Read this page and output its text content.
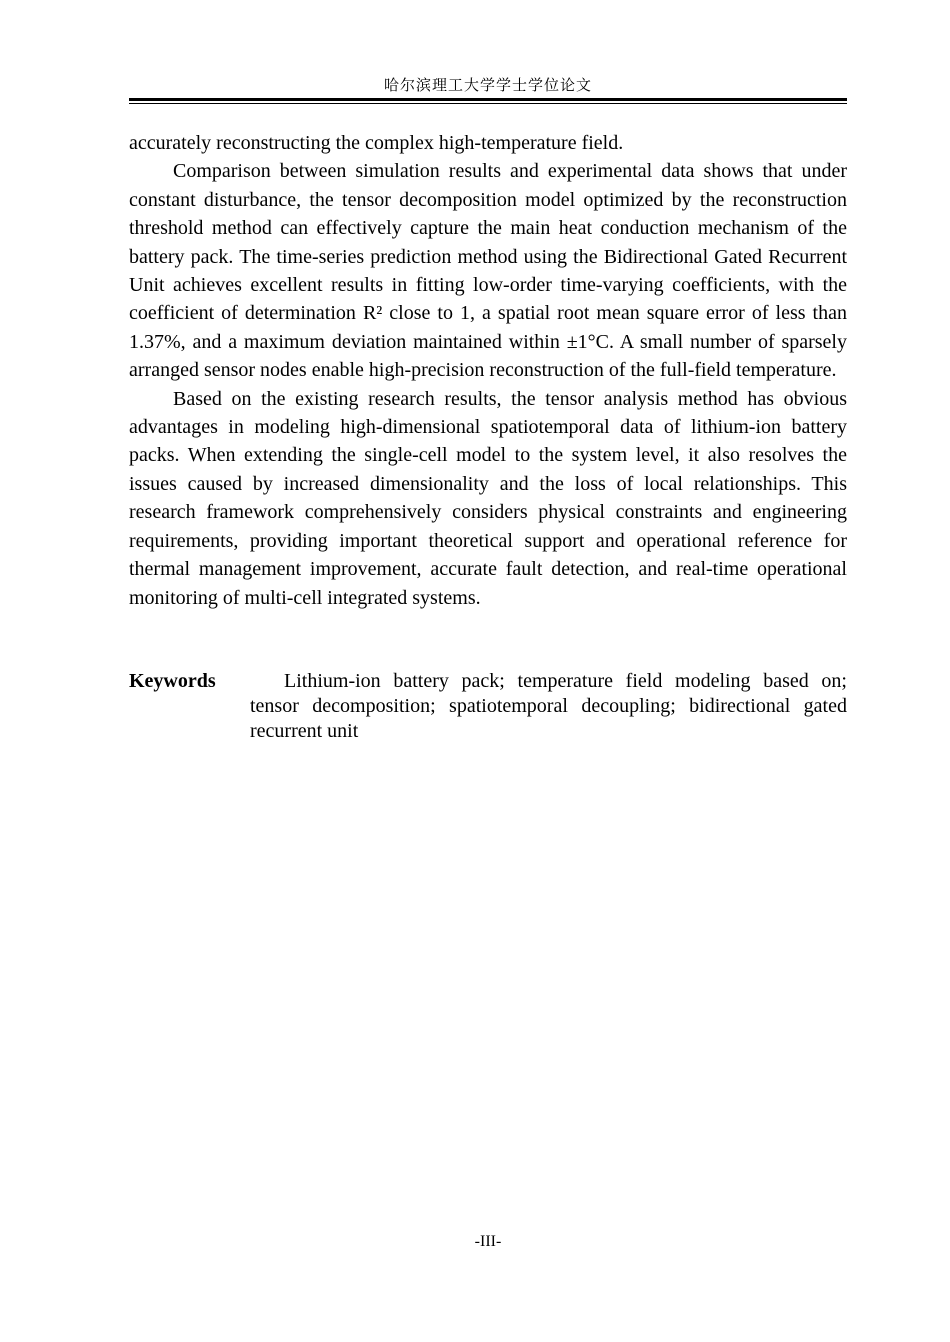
哈尔滨理工大学学士学位论文

accurately reconstructing the complex high-temperature field.

Comparison between simulation results and experimental data shows that under constant disturbance, the tensor decomposition model optimized by the reconstruction threshold method can effectively capture the main heat conduction mechanism of the battery pack. The time-series prediction method using the Bidirectional Gated Recurrent Unit achieves excellent results in fitting low-order time-varying coefficients, with the coefficient of determination R² close to 1, a spatial root mean square error of less than 1.37%, and a maximum deviation maintained within ±1°C. A small number of sparsely arranged sensor nodes enable high-precision reconstruction of the full-field temperature.

Based on the existing research results, the tensor analysis method has obvious advantages in modeling high-dimensional spatiotemporal data of lithium-ion battery packs. When extending the single-cell model to the system level, it also resolves the issues caused by increased dimensionality and the loss of local relationships. This research framework comprehensively considers physical constraints and engineering requirements, providing important theoretical support and operational reference for thermal management improvement, accurate fault detection, and real-time operational monitoring of multi-cell integrated systems.

Keywords	Lithium-ion battery pack; temperature field modeling based on; tensor decomposition; spatiotemporal decoupling; bidirectional gated recurrent unit
-III-
